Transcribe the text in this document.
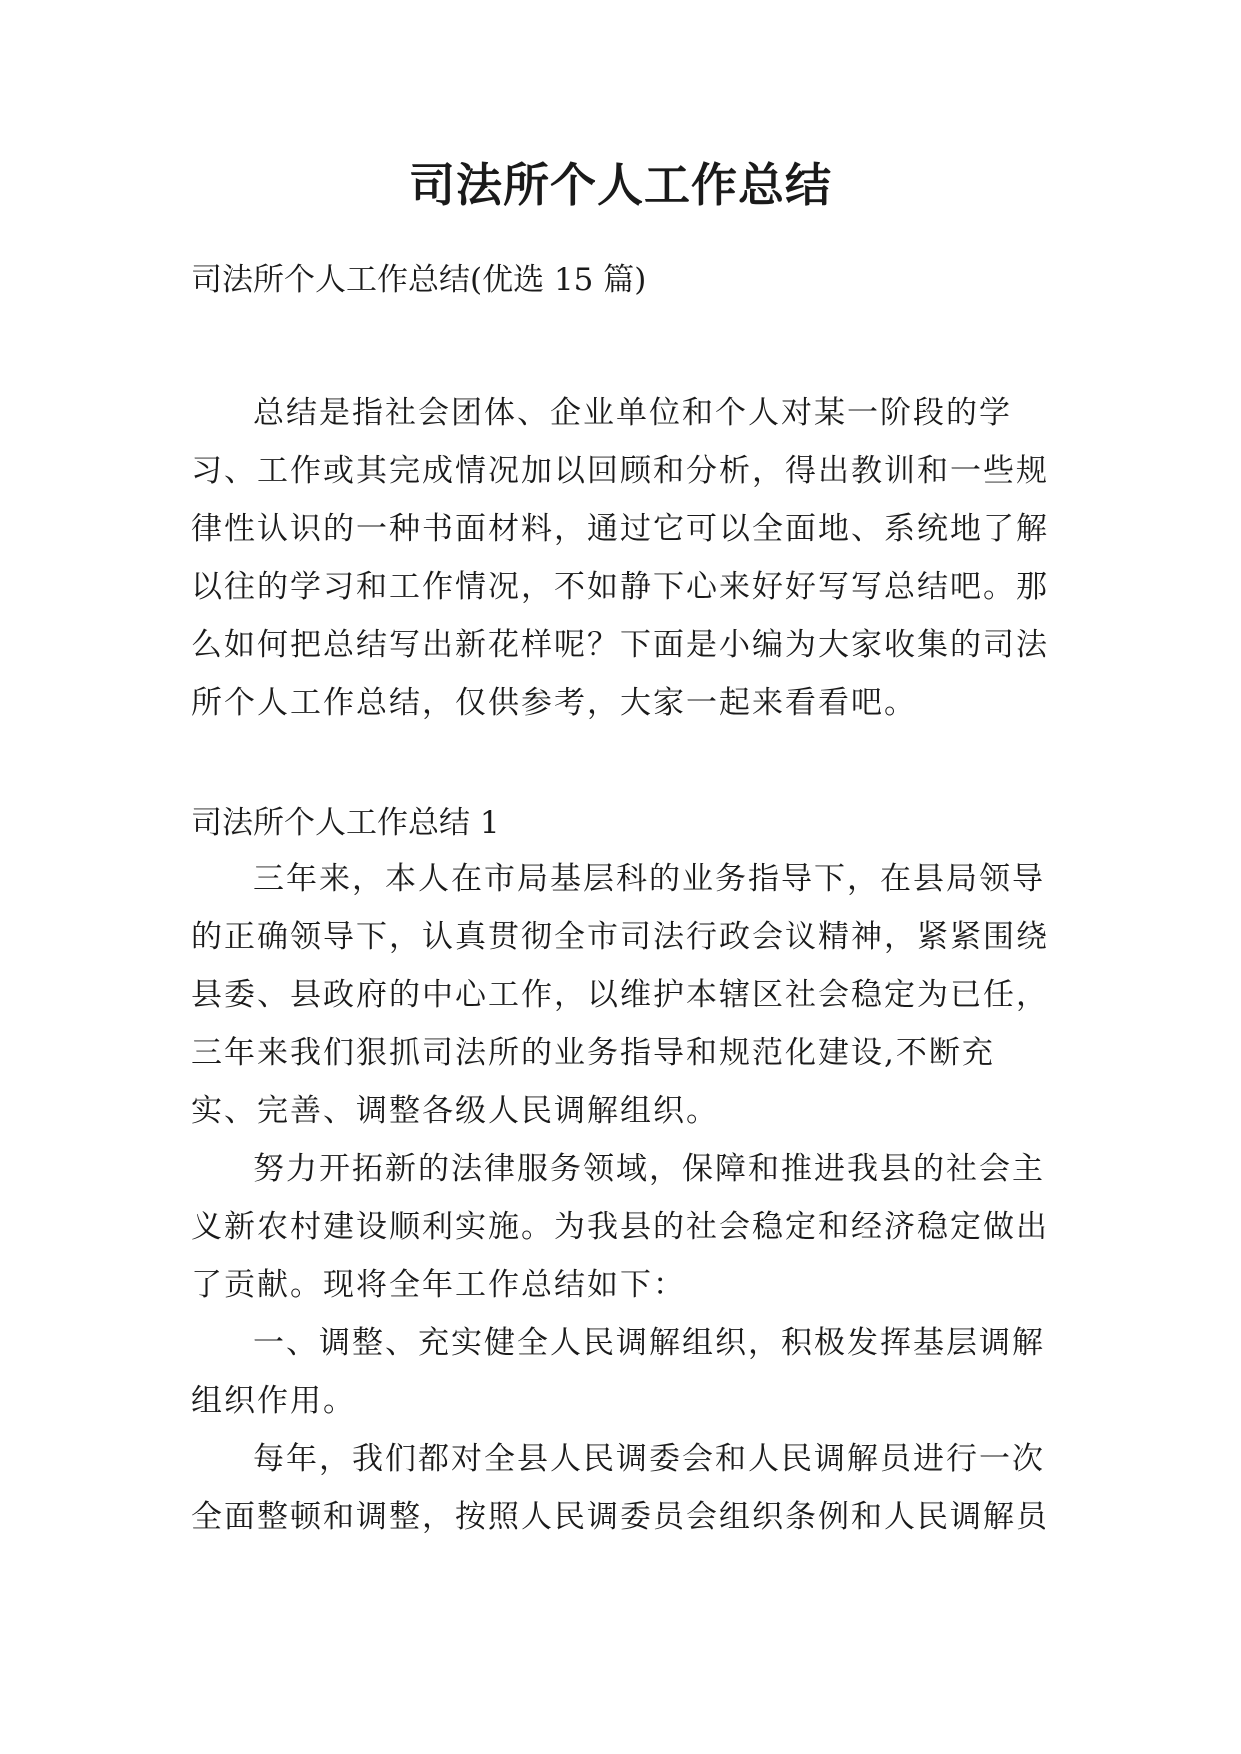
司法所个人工作总结

司法所个人工作总结(优选 15 篇)

总结是指社会团体、企业单位和个人对某一阶段的学习、工作或其完成情况加以回顾和分析，得出教训和一些规律性认识的一种书面材料，通过它可以全面地、系统地了解以往的学习和工作情况，不如静下心来好好写写总结吧。那么如何把总结写出新花样呢？下面是小编为大家收集的司法所个人工作总结，仅供参考，大家一起来看看吧。

司法所个人工作总结 1

三年来，本人在市局基层科的业务指导下，在县局领导的正确领导下，认真贯彻全市司法行政会议精神，紧紧围绕县委、县政府的中心工作，以维护本辖区社会稳定为已任，三年来我们狠抓司法所的业务指导和规范化建设,不断充实、完善、调整各级人民调解组织。

努力开拓新的法律服务领域，保障和推进我县的社会主义新农村建设顺利实施。为我县的社会稳定和经济稳定做出了贡献。现将全年工作总结如下：

一、调整、充实健全人民调解组织，积极发挥基层调解组织作用。

每年，我们都对全县人民调委会和人民调解员进行一次全面整顿和调整，按照人民调委员会组织条例和人民调解员
